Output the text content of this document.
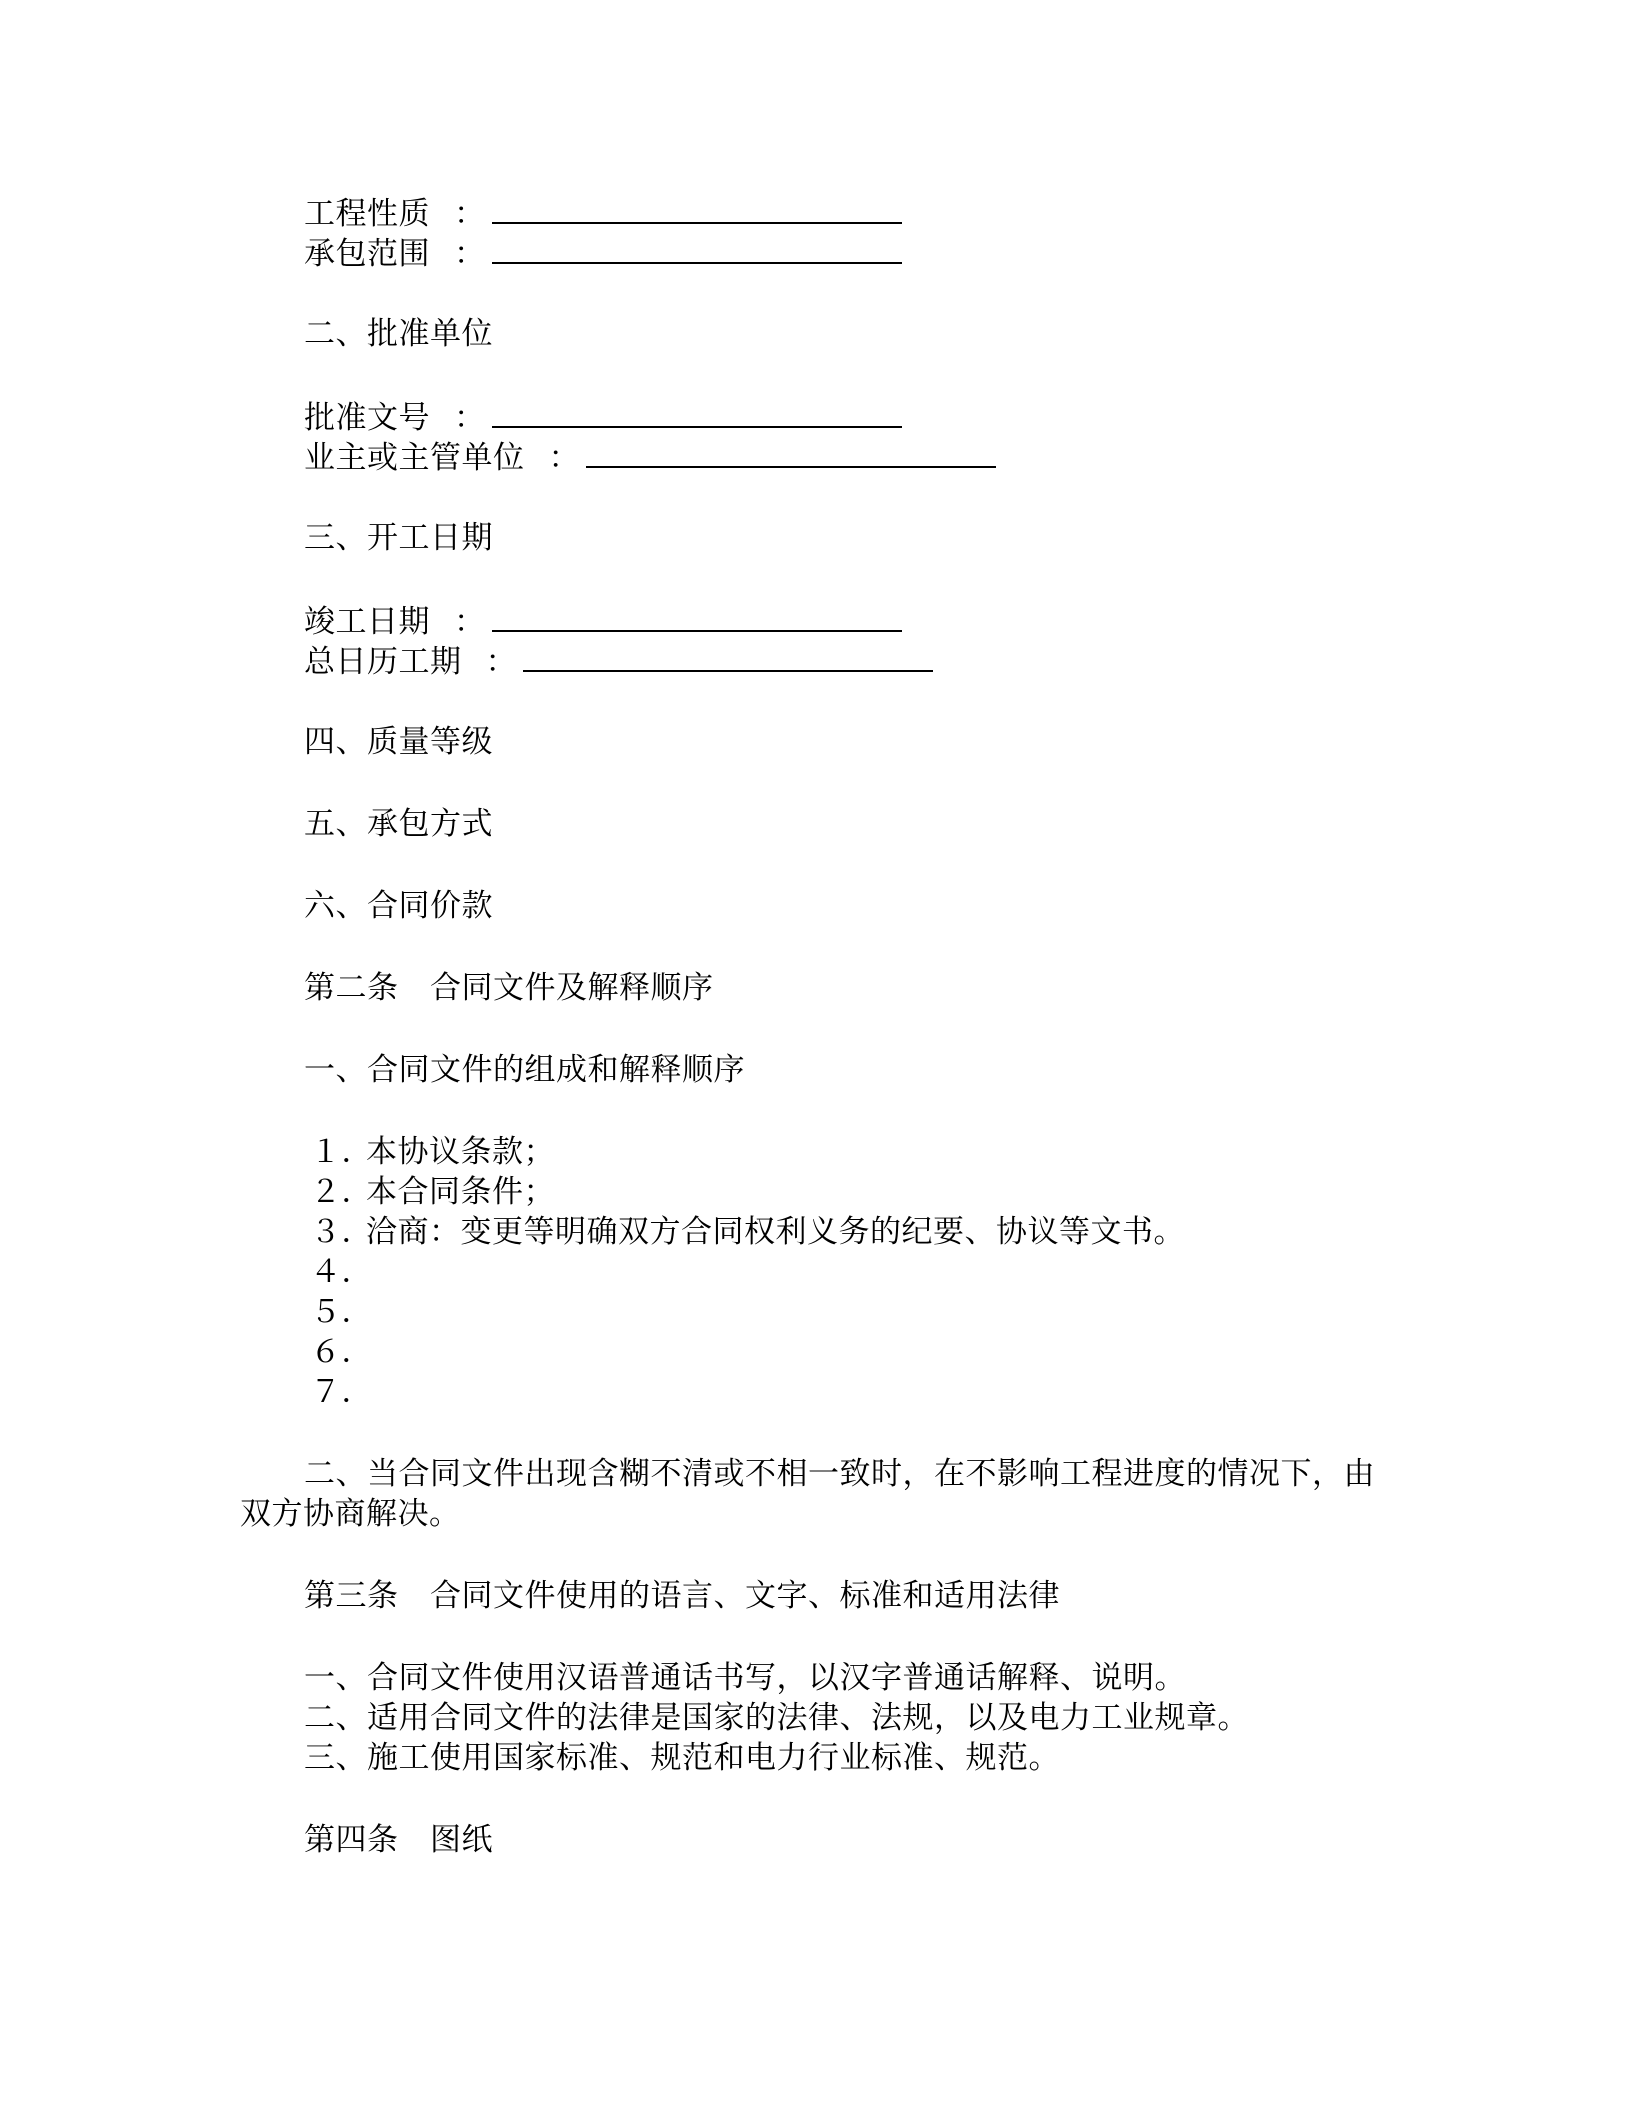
工程性质 ：
承包范围 ：
二、批准单位
批准文号 ：
业主或主管单位 ：
三、开工日期
竣工日期 ：
总日历工期 ：
四、质量等级
五、承包方式
六、合同价款
第二条　合同文件及解释顺序
一、合同文件的组成和解释顺序
１．本协议条款；
２．本合同条件；
３．洽商：变更等明确双方合同权利义务的纪要、协议等文书。
４．
５．
６．
７．
二、当合同文件出现含糊不清或不相一致时，在不影响工程进度的情况下，由
双方协商解决。
第三条　合同文件使用的语言、文字、标准和适用法律
一、合同文件使用汉语普通话书写，以汉字普通话解释、说明。
二、适用合同文件的法律是国家的法律、法规，以及电力工业规章。
三、施工使用国家标准、规范和电力行业标准、规范。
第四条　图纸
